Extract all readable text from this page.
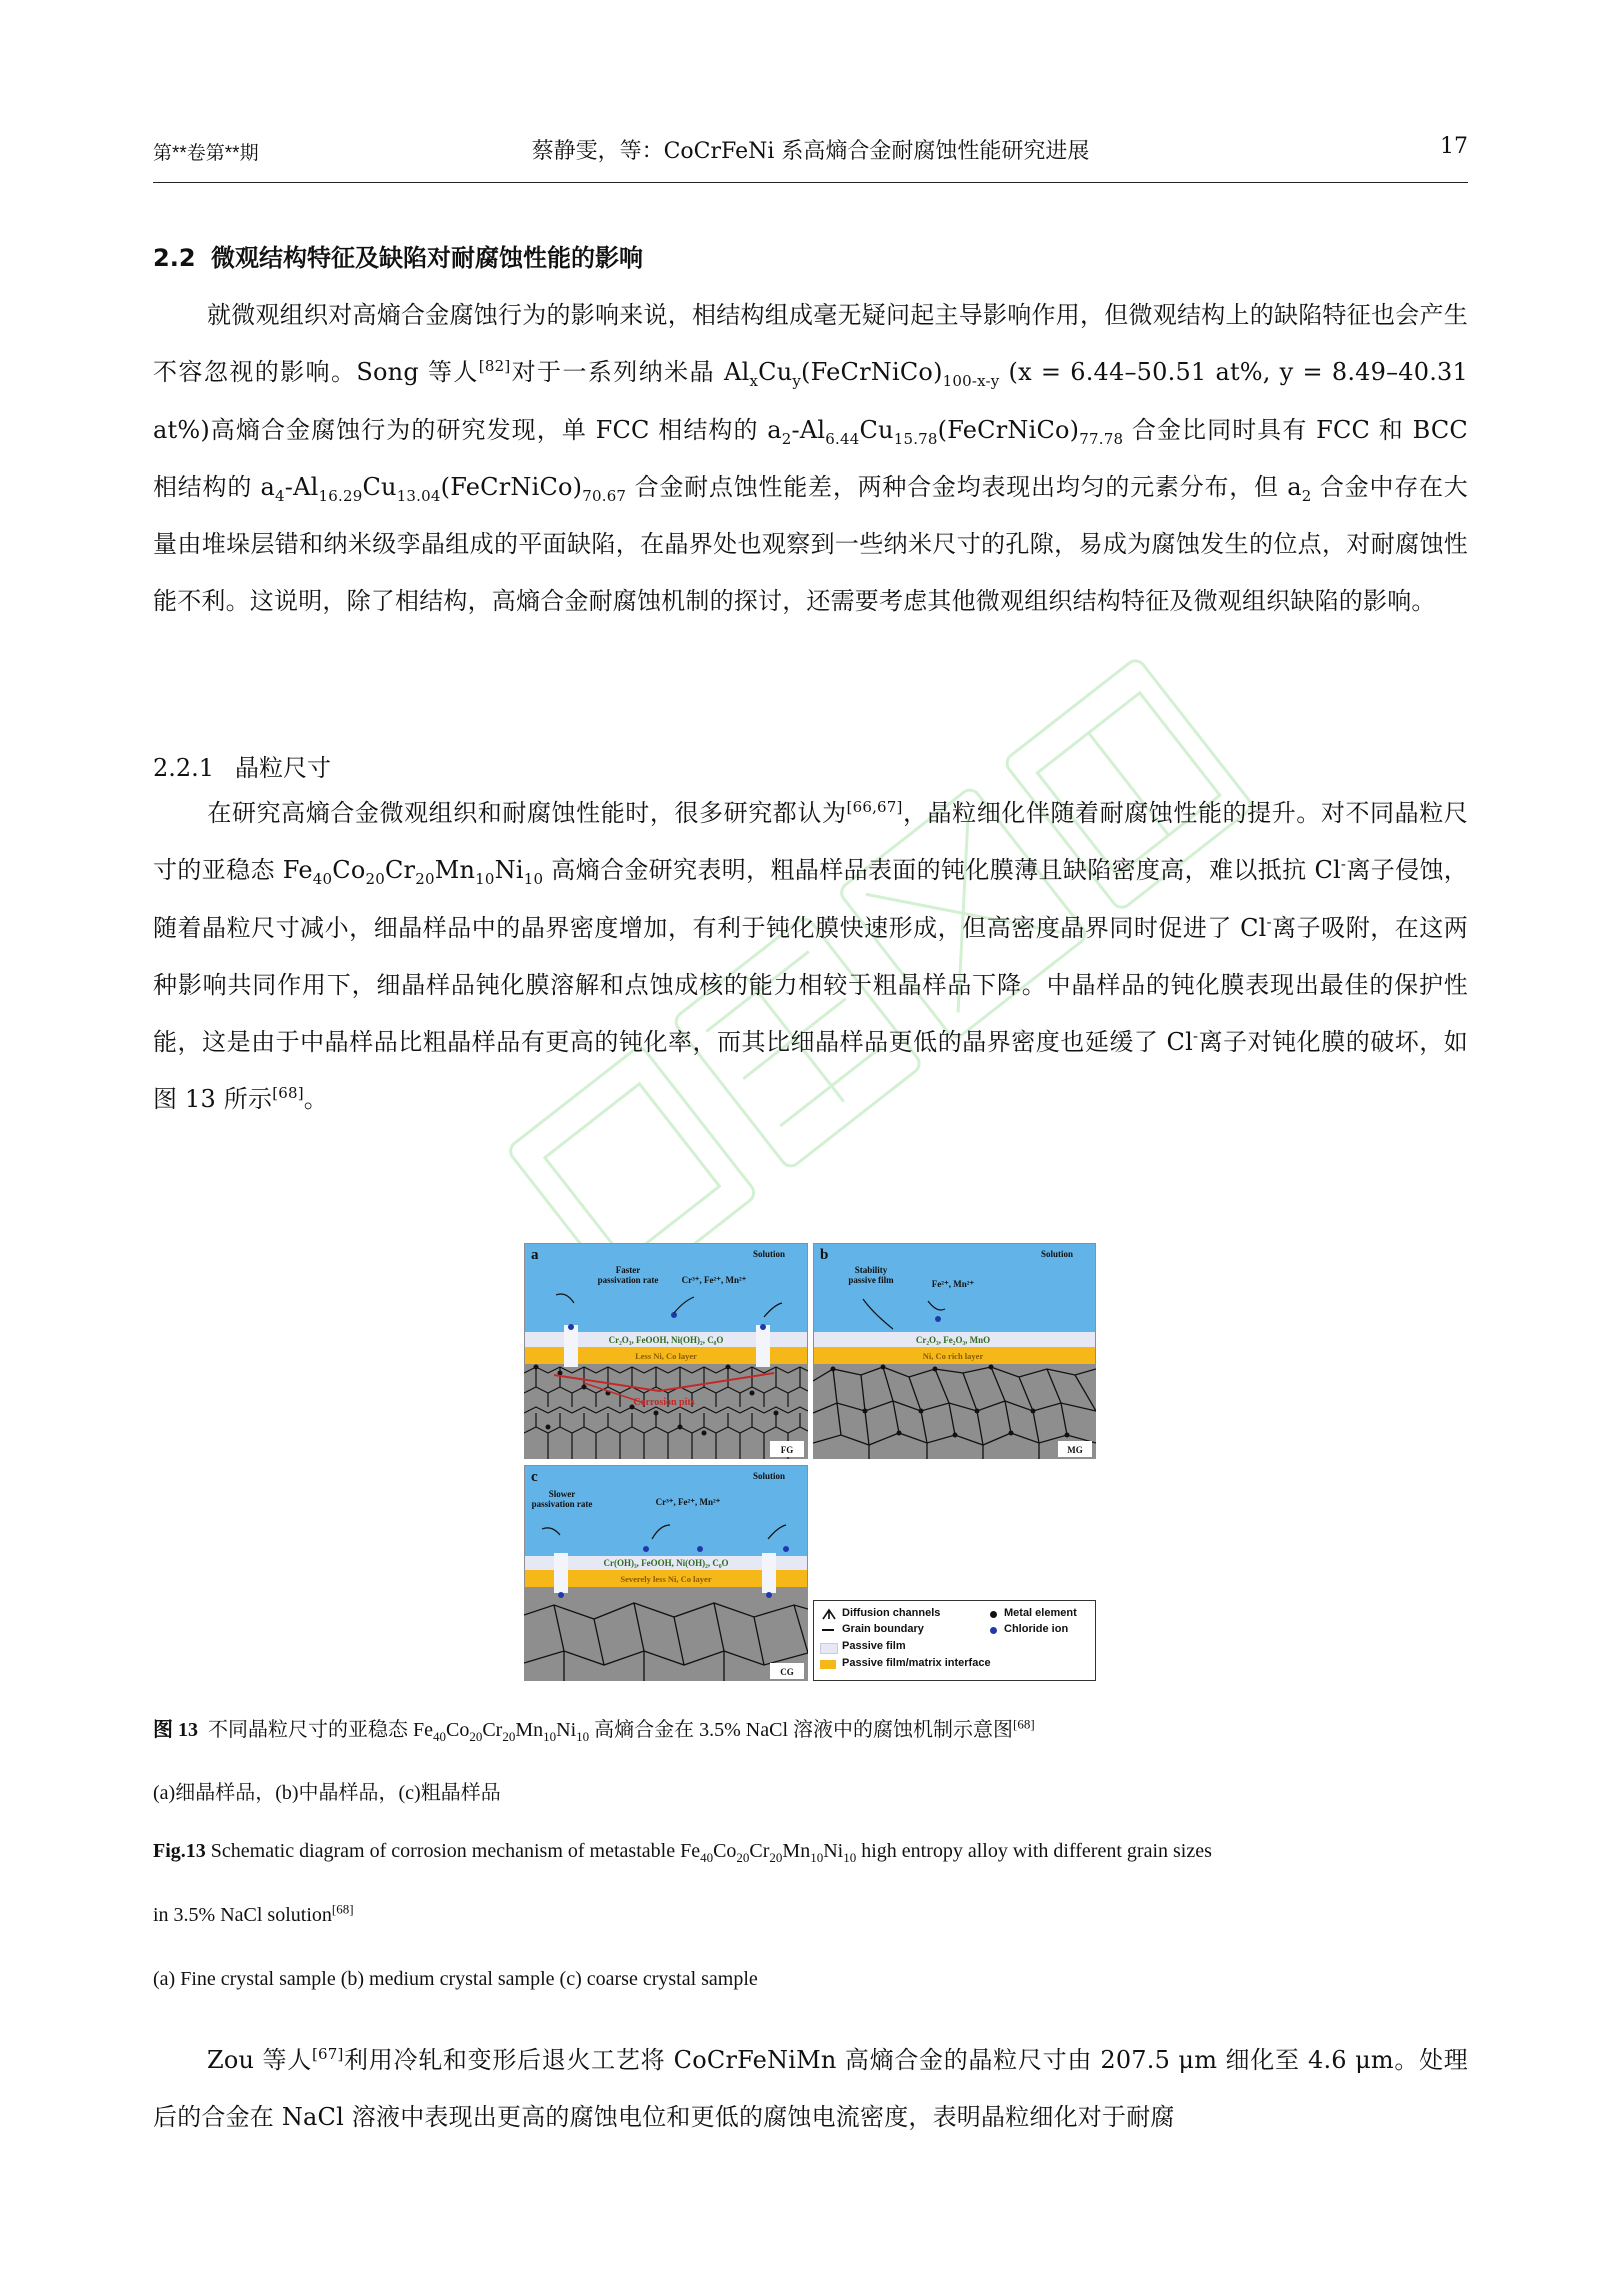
第**卷第**期	蔡静雯，等：CoCrFeNi 系高熵合金耐腐蚀性能研究进展	17
2.2 微观结构特征及缺陷对耐腐蚀性能的影响
就微观组织对高熵合金腐蚀行为的影响来说，相结构组成毫无疑问起主导影响作用，但微观结构上的缺陷特征也会产生不容忽视的影响。Song 等人[82]对于一系列纳米晶 $Al_xCu_y(FeCrNiCo)_{100-x-y}$ (x = 6.44–50.51 at%, y = 8.49–40.31 at%)高熵合金腐蚀行为的研究发现，单 FCC 相结构的 $a_2-Al_{6.44}Cu_{15.78}(FeCrNiCo)_{77.78}$ 合金比同时具有 FCC 和 BCC 相结构的 $a_4-Al_{16.29}Cu_{13.04}(FeCrNiCo)_{70.67}$ 合金耐点蚀性能差，两种合金均表现出均匀的元素分布，但 $a_2$ 合金中存在大量由堆垛层错和纳米级孪晶组成的平面缺陷，在晶界处也观察到一些纳米尺寸的孔隙，易成为腐蚀发生的位点，对耐腐蚀性能不利。这说明，除了相结构，高熵合金耐腐蚀机制的探讨，还需要考虑其他微观组织结构特征及微观组织缺陷的影响。
2.2.1 晶粒尺寸
在研究高熵合金微观组织和耐腐蚀性能时，很多研究都认为[66,67]，晶粒细化伴随着耐腐蚀性能的提升。对不同晶粒尺寸的亚稳态 $Fe_{40}Co_{20}Cr_{20}Mn_{10}Ni_{10}$ 高熵合金研究表明，粗晶样品表面的钝化膜薄且缺陷密度高，难以抵抗 Cl-离子侵蚀，随着晶粒尺寸减小，细晶样品中的晶界密度增加，有利于钝化膜快速形成，但高密度晶界同时促进了 Cl-离子吸附，在这两种影响共同作用下，细晶样品钝化膜溶解和点蚀成核的能力相较于粗晶样品下降。中晶样品的钝化膜表现出最佳的保护性能，这是由于中晶样品比粗晶样品有更高的钝化率，而其比细晶样品更低的晶界密度也延缓了 Cl-离子对钝化膜的破坏，如图 13 所示[68]。
a	Solution
Faster
passivation rate	Cr³⁺, Fe²⁺, Mn²⁺
Cr₂O₃, FeOOH, Ni(OH)₂, C₀O
Less Ni, Co layer
Corrosion pits
FG
b	Solution
Stability
passive film	Fe²⁺, Mn²⁺
Cr₂O₃, Fe₂O₃, MnO
Ni, Co rich layer
MG
c	Solution
Slower
passivation rate	Cr³⁺, Fe²⁺, Mn²⁺
Cr(OH)₃, FeOOH, Ni(OH)₂, C₀O
Severely less Ni, Co layer
CG
Diffusion channels	Metal element
Grain boundary	Chloride ion
Passive film
Passive film/matrix interface
图 13 不同晶粒尺寸的亚稳态 $Fe_{40}Co_{20}Cr_{20}Mn_{10}Ni_{10}$ 高熵合金在 3.5% NaCl 溶液中的腐蚀机制示意图[68]
(a)细晶样品，(b)中晶样品，(c)粗晶样品
Fig.13 Schematic diagram of corrosion mechanism of metastable $Fe_{40}Co_{20}Cr_{20}Mn_{10}Ni_{10}$ high entropy alloy with different grain sizes
in 3.5% NaCl solution[68]
(a) Fine crystal sample (b) medium crystal sample (c) coarse crystal sample
Zou 等人[67]利用冷轧和变形后退火工艺将 CoCrFeNiMn 高熵合金的晶粒尺寸由 207.5 μm 细化至 4.6 μm。处理后的合金在 NaCl 溶液中表现出更高的腐蚀电位和更低的腐蚀电流密度，表明晶粒细化对于耐腐
